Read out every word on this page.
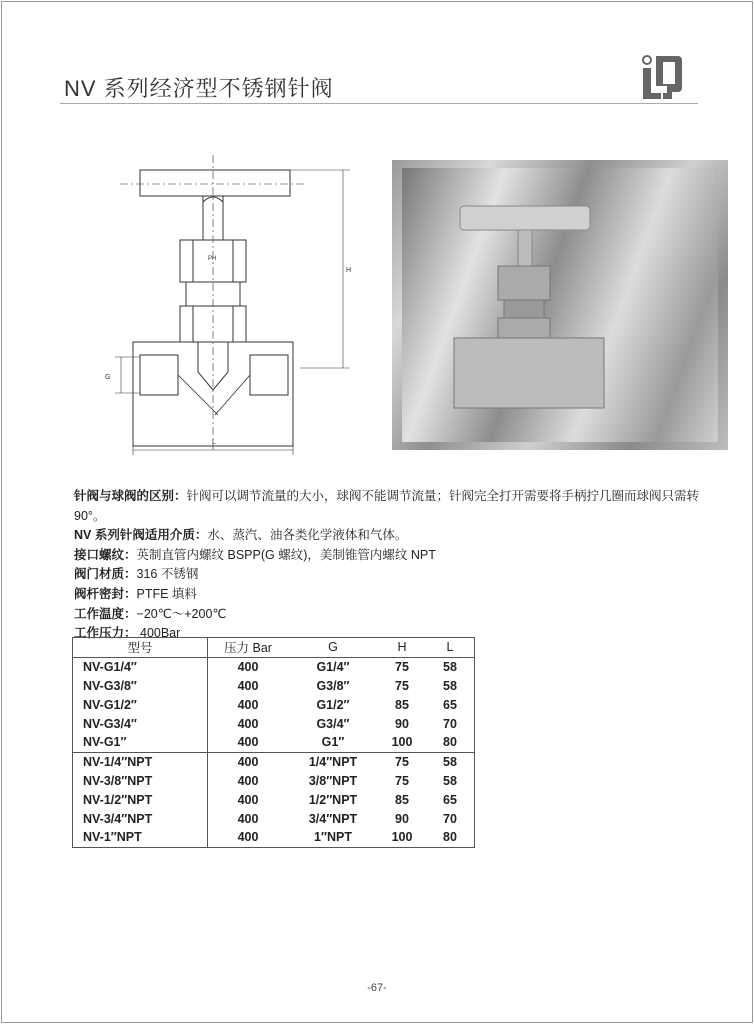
NV 系列经济型不锈钢针阀
PH
H
G
L
针阀与球阀的区别：针阀可以调节流量的大小，球阀不能调节流量；针阀完全打开需要将手柄拧几圈而球阀只需转90°。
NV 系列针阀适用介质：水、蒸汽、油各类化学液体和气体。
接口螺纹：英制直管内螺纹 BSPP(G 螺纹)，美制锥管内螺纹 NPT
阀门材质：316 不锈钢
阀杆密封：PTFE 填料
工作温度：−20℃～+200℃
工作压力： 400Bar
型号	压力 Bar	G	H	L
NV-G1/4″	400	G1/4″	75	58
NV-G3/8″	400	G3/8″	75	58
NV-G1/2″	400	G1/2″	85	65
NV-G3/4″	400	G3/4″	90	70
NV-G1″	400	G1″	100	80
NV-1/4″NPT	400	1/4″NPT	75	58
NV-3/8″NPT	400	3/8″NPT	75	58
NV-1/2″NPT	400	1/2″NPT	85	65
NV-3/4″NPT	400	3/4″NPT	90	70
NV-1″NPT	400	1″NPT	100	80
-67-
